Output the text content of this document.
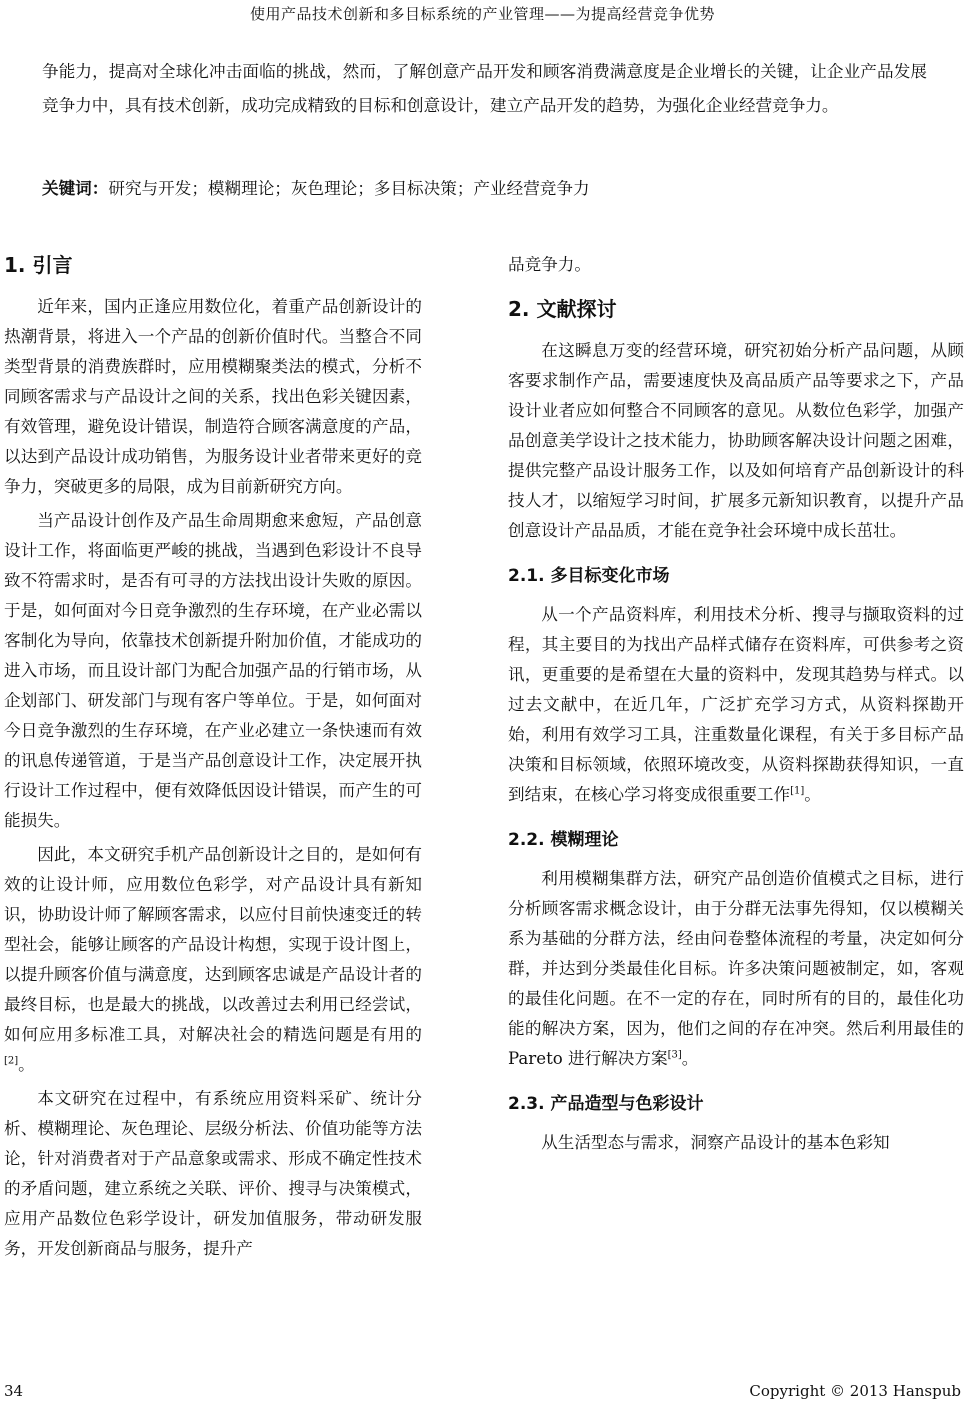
使用产品技术创新和多目标系统的产业管理——为提高经营竞争优势

争能力，提高对全球化冲击面临的挑战，然而，了解创意产品开发和顾客消费满意度是企业增长的关键，让企业产品发展竞争力中，具有技术创新，成功完成精致的目标和创意设计，建立产品开发的趋势，为强化企业经营竞争力。

关键词：研究与开发；模糊理论；灰色理论；多目标决策；产业经营竞争力
1. 引言

近年来，国内正逢应用数位化，着重产品创新设计的热潮背景，将进入一个产品的创新价值时代。当整合不同类型背景的消费族群时，应用模糊聚类法的模式，分析不同顾客需求与产品设计之间的关系，找出色彩关键因素，有效管理，避免设计错误，制造符合顾客满意度的产品，以达到产品设计成功销售，为服务设计业者带来更好的竞争力，突破更多的局限，成为目前新研究方向。

当产品设计创作及产品生命周期愈来愈短，产品创意设计工作，将面临更严峻的挑战，当遇到色彩设计不良导致不符需求时，是否有可寻的方法找出设计失败的原因。于是，如何面对今日竞争激烈的生存环境，在产业必需以客制化为导向，依靠技术创新提升附加价值，才能成功的进入市场，而且设计部门为配合加强产品的行销市场，从企划部门、研发部门与现有客户等单位。于是，如何面对今日竞争激烈的生存环境，在产业必建立一条快速而有效的讯息传递管道，于是当产品创意设计工作，决定展开执行设计工作过程中，便有效降低因设计错误，而产生的可能损失。

因此，本文研究手机产品创新设计之目的，是如何有效的让设计师，应用数位色彩学，对产品设计具有新知识，协助设计师了解顾客需求，以应付目前快速变迁的转型社会，能够让顾客的产品设计构想，实现于设计图上，以提升顾客价值与满意度，达到顾客忠诚是产品设计者的最终目标，也是最大的挑战，以改善过去利用已经尝试，如何应用多标准工具，对解决社会的精选问题是有用的[2]。

本文研究在过程中，有系统应用资料采矿、统计分析、模糊理论、灰色理论、层级分析法、价值功能等方法论，针对消费者对于产品意象或需求、形成不确定性技术的矛盾问题，建立系统之关联、评价、搜寻与决策模式，应用产品数位色彩学设计，研发加值服务，带动研发服务，开发创新商品与服务，提升产

品竞争力。

2. 文献探讨

在这瞬息万变的经营环境，研究初始分析产品问题，从顾客要求制作产品，需要速度快及高品质产品等要求之下，产品设计业者应如何整合不同顾客的意见。从数位色彩学，加强产品创意美学设计之技术能力，协助顾客解决设计问题之困难，提供完整产品设计服务工作，以及如何培育产品创新设计的科技人才，以缩短学习时间，扩展多元新知识教育，以提升产品创意设计产品品质，才能在竞争社会环境中成长茁壮。

2.1. 多目标变化市场

从一个产品资料库，利用技术分析、搜寻与撷取资料的过程，其主要目的为找出产品样式储存在资料库，可供参考之资讯，更重要的是希望在大量的资料中，发现其趋势与样式。以过去文献中，在近几年，广泛扩充学习方式，从资料探勘开始，利用有效学习工具，注重数量化课程，有关于多目标产品决策和目标领域，依照环境改变，从资料探勘获得知识，一直到结束，在核心学习将变成很重要工作[1]。

2.2. 模糊理论

利用模糊集群方法，研究产品创造价值模式之目标，进行分析顾客需求概念设计，由于分群无法事先得知，仅以模糊关系为基础的分群方法，经由问卷整体流程的考量，决定如何分群，并达到分类最佳化目标。许多决策问题被制定，如，客观的最佳化问题。在不一定的存在，同时所有的目的，最佳化功能的解决方案，因为，他们之间的存在冲突。然后利用最佳的 Pareto 进行解决方案[3]。

2.3. 产品造型与色彩设计

从生活型态与需求，洞察产品设计的基本色彩知

34	Copyright © 2013 Hanspub
